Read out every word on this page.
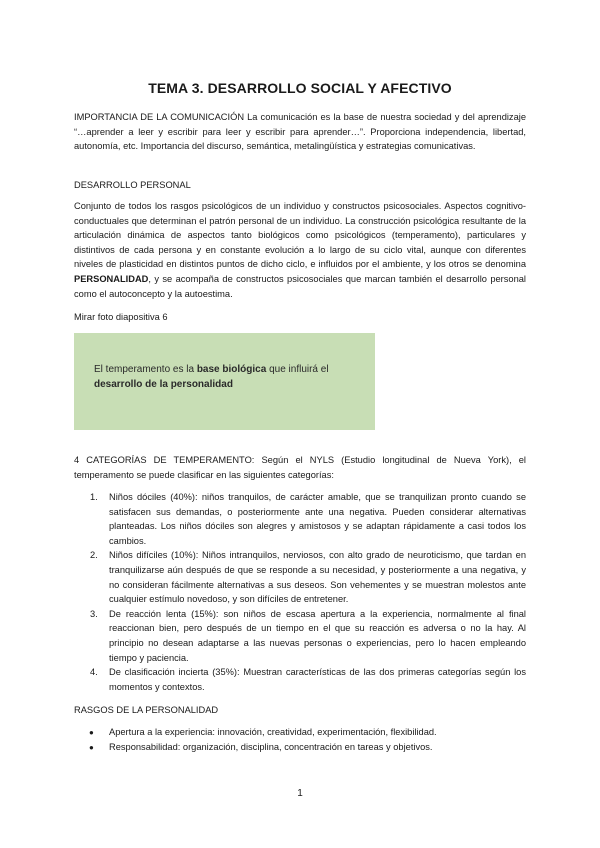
TEMA 3. DESARROLLO SOCIAL Y AFECTIVO

IMPORTANCIA DE LA COMUNICACIÓN La comunicación es la base de nuestra sociedad y del aprendizaje “…aprender a leer y escribir para leer y escribir para aprender…”. Proporciona independencia, libertad, autonomía, etc. Importancia del discurso, semántica, metalingüística y estrategias comunicativas.

DESARROLLO PERSONAL

Conjunto de todos los rasgos psicológicos de un individuo y constructos psicosociales. Aspectos cognitivo-conductuales que determinan el patrón personal de un individuo. La construcción psicológica resultante de la articulación dinámica de aspectos tanto biológicos como psicológicos (temperamento), particulares y distintivos de cada persona y en constante evolución a lo largo de su ciclo vital, aunque con diferentes niveles de plasticidad en distintos puntos de dicho ciclo, e influidos por el ambiente, y los otros se denomina PERSONALIDAD, y se acompaña de constructos psicosociales que marcan también el desarrollo personal como el autoconcepto y la autoestima.

Mirar foto diapositiva 6

El temperamento es la base biológica que influirá el desarrollo de la personalidad

4 CATEGORÍAS DE TEMPERAMENTO: Según el NYLS (Estudio longitudinal de Nueva York), el temperamento se puede clasificar en las siguientes categorías:

1. Niños dóciles (40%): niños tranquilos, de carácter amable, que se tranquilizan pronto cuando se satisfacen sus demandas, o posteriormente ante una negativa. Pueden considerar alternativas planteadas. Los niños dóciles son alegres y amistosos y se adaptan rápidamente a casi todos los cambios.
2. Niños difíciles (10%): Niños intranquilos, nerviosos, con alto grado de neuroticismo, que tardan en tranquilizarse aún después de que se responde a su necesidad, y posteriormente a una negativa, y no consideran fácilmente alternativas a sus deseos. Son vehementes y se muestran molestos ante cualquier estímulo novedoso, y son difíciles de entretener.
3. De reacción lenta (15%): son niños de escasa apertura a la experiencia, normalmente al final reaccionan bien, pero después de un tiempo en el que su reacción es adversa o no la hay. Al principio no desean adaptarse a las nuevas personas o experiencias, pero lo hacen empleando tiempo y paciencia.
4. De clasificación incierta (35%): Muestran características de las dos primeras categorías según los momentos y contextos.

RASGOS DE LA PERSONALIDAD

● Apertura a la experiencia: innovación, creatividad, experimentación, flexibilidad.
● Responsabilidad: organización, disciplina, concentración en tareas y objetivos.

1
